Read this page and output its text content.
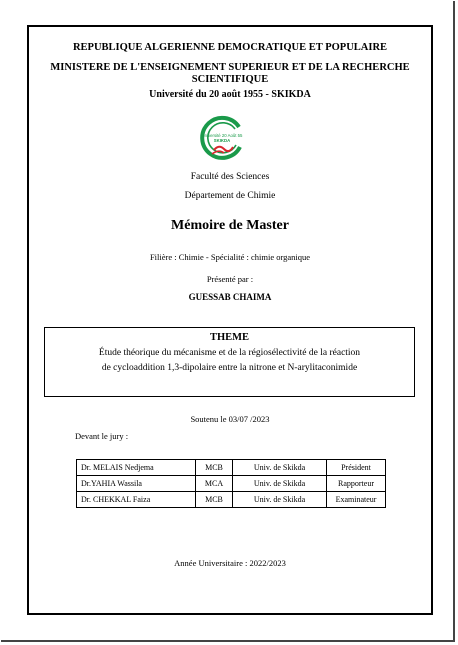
REPUBLIQUE ALGERIENNE DEMOCRATIQUE ET POPULAIRE
MINISTERE DE L'ENSEIGNEMENT SUPERIEUR ET DE LA RECHERCHE
SCIENTIFIQUE
Université du 20 août 1955 - SKIKDA
Université 20 Août 55
SKIKDA
Faculté des Sciences
Département de Chimie
Mémoire de Master
Filière : Chimie - Spécialité : chimie organique
Présenté par :
GUESSAB CHAIMA
THEME
Étude théorique du mécanisme et de la régiosélectivité de la réaction
de cycloaddition 1,3-dipolaire entre la nitrone et N-arylitaconimide
Soutenu le 03/07 /2023
Devant le jury :
Dr. MELAIS Nedjema	MCB	Univ. de Skikda	Président
Dr.YAHIA Wassila	MCA	Univ. de Skikda	Rapporteur
Dr. CHEKKAL Faiza	MCB	Univ. de Skikda	Examinateur
Année Universitaire : 2022/2023
